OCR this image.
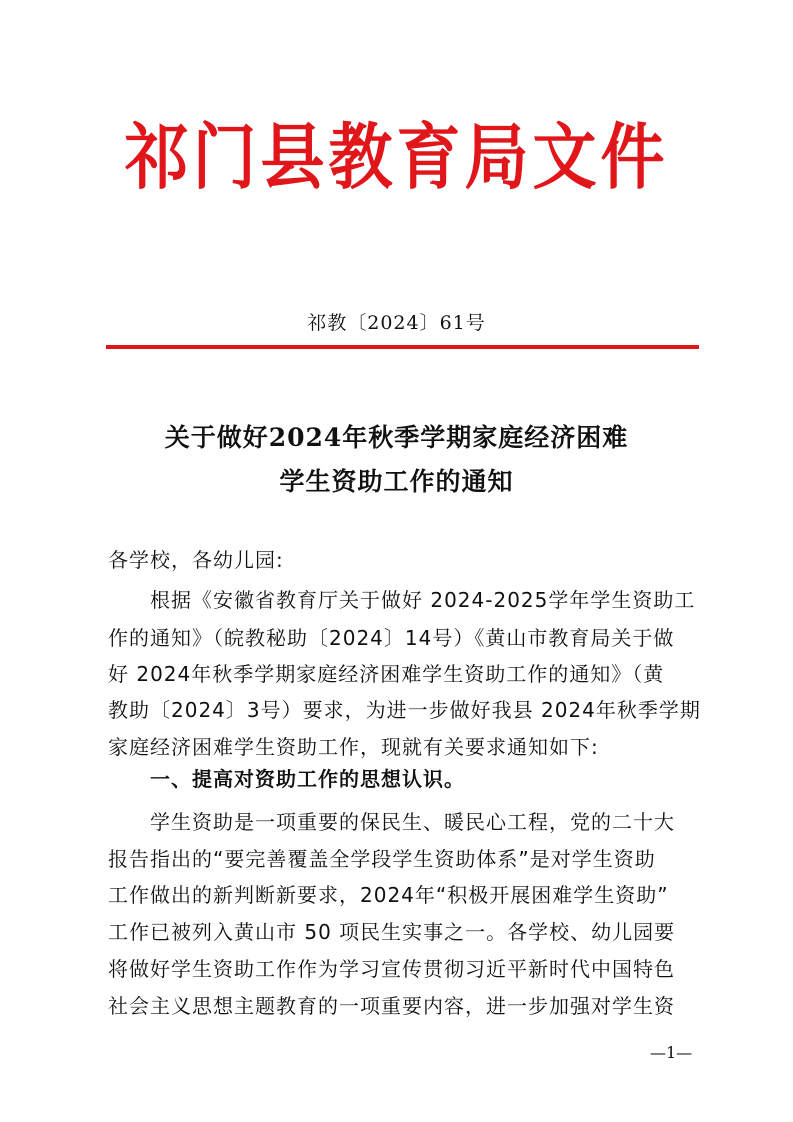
祁门县教育局文件
祁教〔2024〕61号
关于做好2024年秋季学期家庭经济困难
学生资助工作的通知
各学校，各幼儿园:
根据《安徽省教育厅关于做好 2024-2025学年学生资助工
作的通知》（皖教秘助〔2024〕14号）《黄山市教育局关于做
好 2024年秋季学期家庭经济困难学生资助工作的通知》（黄
教助〔2024〕3号）要求，为进一步做好我县 2024年秋季学期
家庭经济困难学生资助工作，现就有关要求通知如下:
一、提高对资助工作的思想认识。
学生资助是一项重要的保民生、暖民心工程，党的二十大
报告指出的“要完善覆盖全学段学生资助体系”是对学生资助
工作做出的新判断新要求，2024年“积极开展困难学生资助”
工作已被列入黄山市 50 项民生实事之一。各学校、幼儿园要
将做好学生资助工作作为学习宣传贯彻习近平新时代中国特色
社会主义思想主题教育的一项重要内容，进一步加强对学生资
—1—
